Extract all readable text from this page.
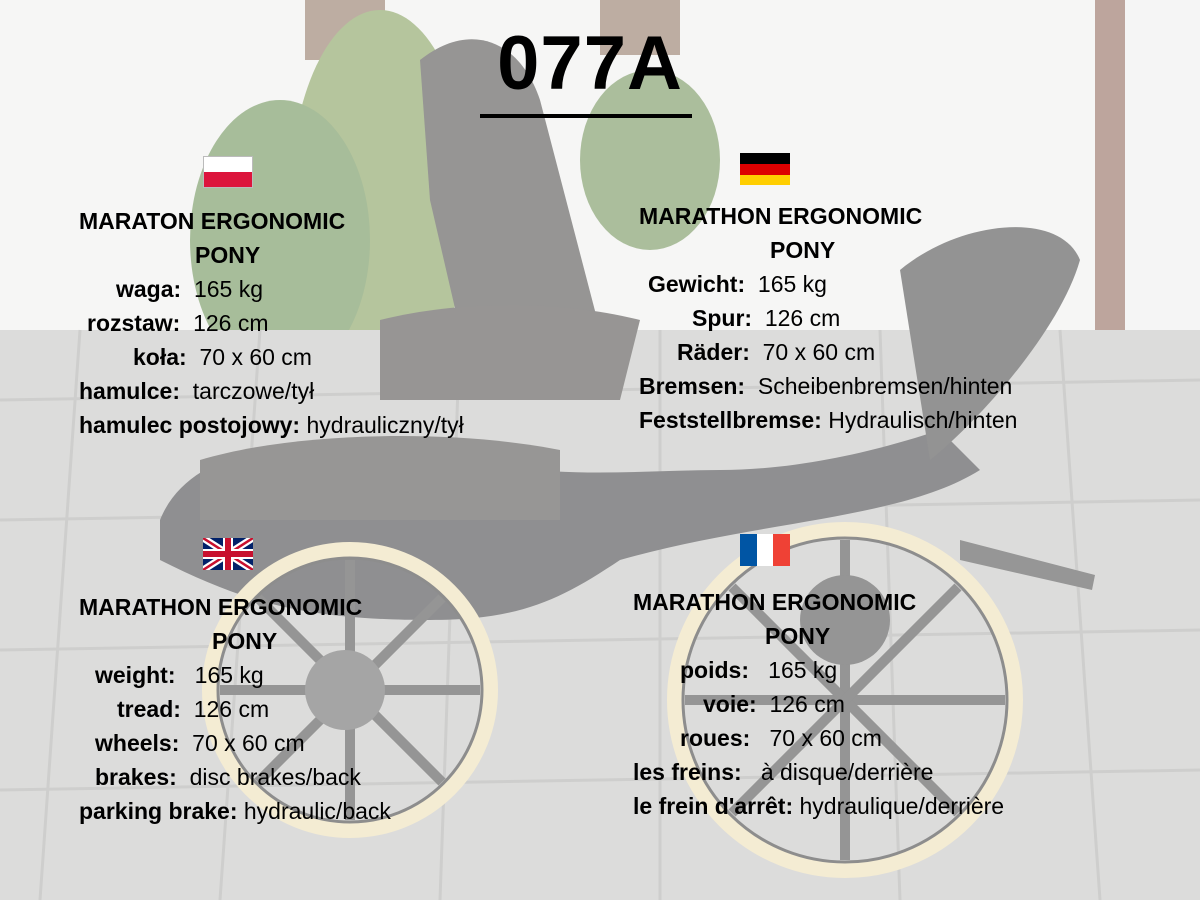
077A
MARATON ERGONOMIC
PONY
waga: 165 kg
rozstaw: 126 cm
koła: 70 x 60 cm
hamulce: tarczowe/tył
hamulec postojowy: hydrauliczny/tył
MARATHON ERGONOMIC
PONY
Gewicht: 165 kg
Spur: 126 cm
Räder: 70 x 60 cm
Bremsen: Scheibenbremsen/hinten
Feststellbremse: Hydraulisch/hinten
MARATHON ERGONOMIC
PONY
weight: 165 kg
tread: 126 cm
wheels: 70 x 60 cm
brakes: disc brakes/back
parking brake: hydraulic/back
MARATHON ERGONOMIC
PONY
poids: 165 kg
voie: 126 cm
roues: 70 x 60 cm
les freins: à disque/derrière
le frein d'arrêt: hydraulique/derrière
